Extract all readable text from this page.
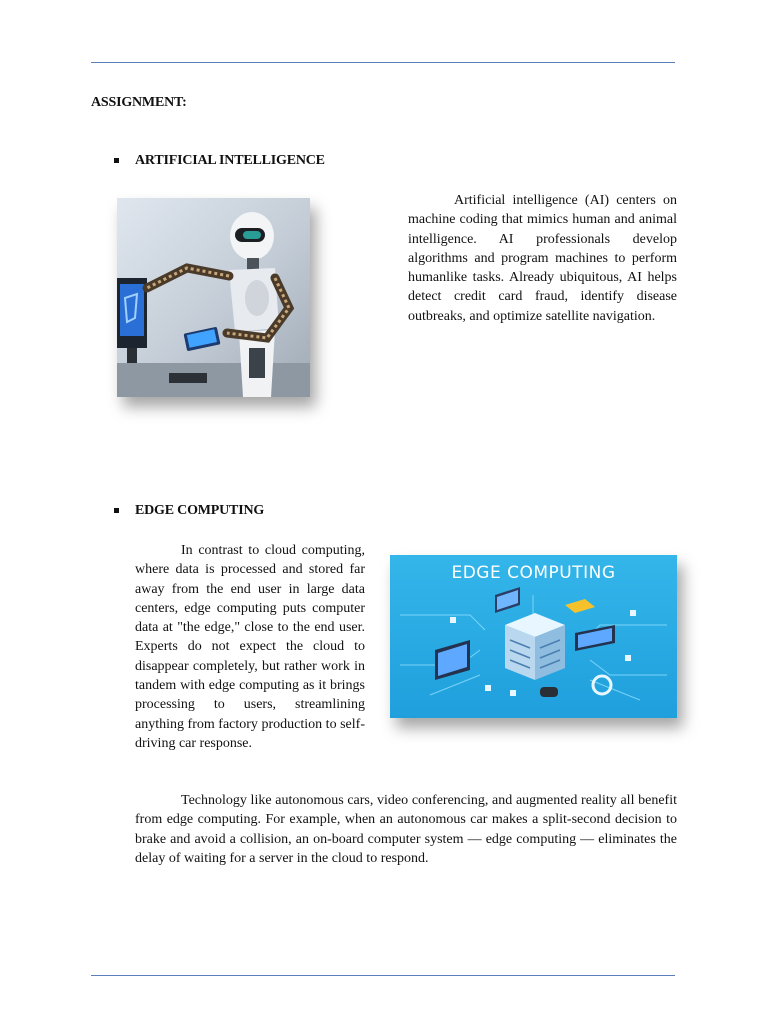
ASSIGNMENT:
ARTIFICIAL INTELLIGENCE

Artificial intelligence (AI) centers on machine coding that mimics human and animal intelligence. AI professionals develop algorithms and program machines to perform humanlike tasks. Already ubiquitous, AI helps detect credit card fraud, identify disease outbreaks, and optimize satellite navigation.

EDGE COMPUTING

In contrast to cloud computing, where data is processed and stored far away from the end user in large data centers, edge computing puts computer data at "the edge," close to the end user. Experts do not expect the cloud to disappear completely, but rather work in tandem with edge computing as it brings processing to users, streamlining anything from factory production to self-driving car response.

EDGE COMPUTING

Technology like autonomous cars, video conferencing, and augmented reality all benefit from edge computing. For example, when an autonomous car makes a split-second decision to brake and avoid a collision, an on-board computer system — edge computing — eliminates the delay of waiting for a server in the cloud to respond.
